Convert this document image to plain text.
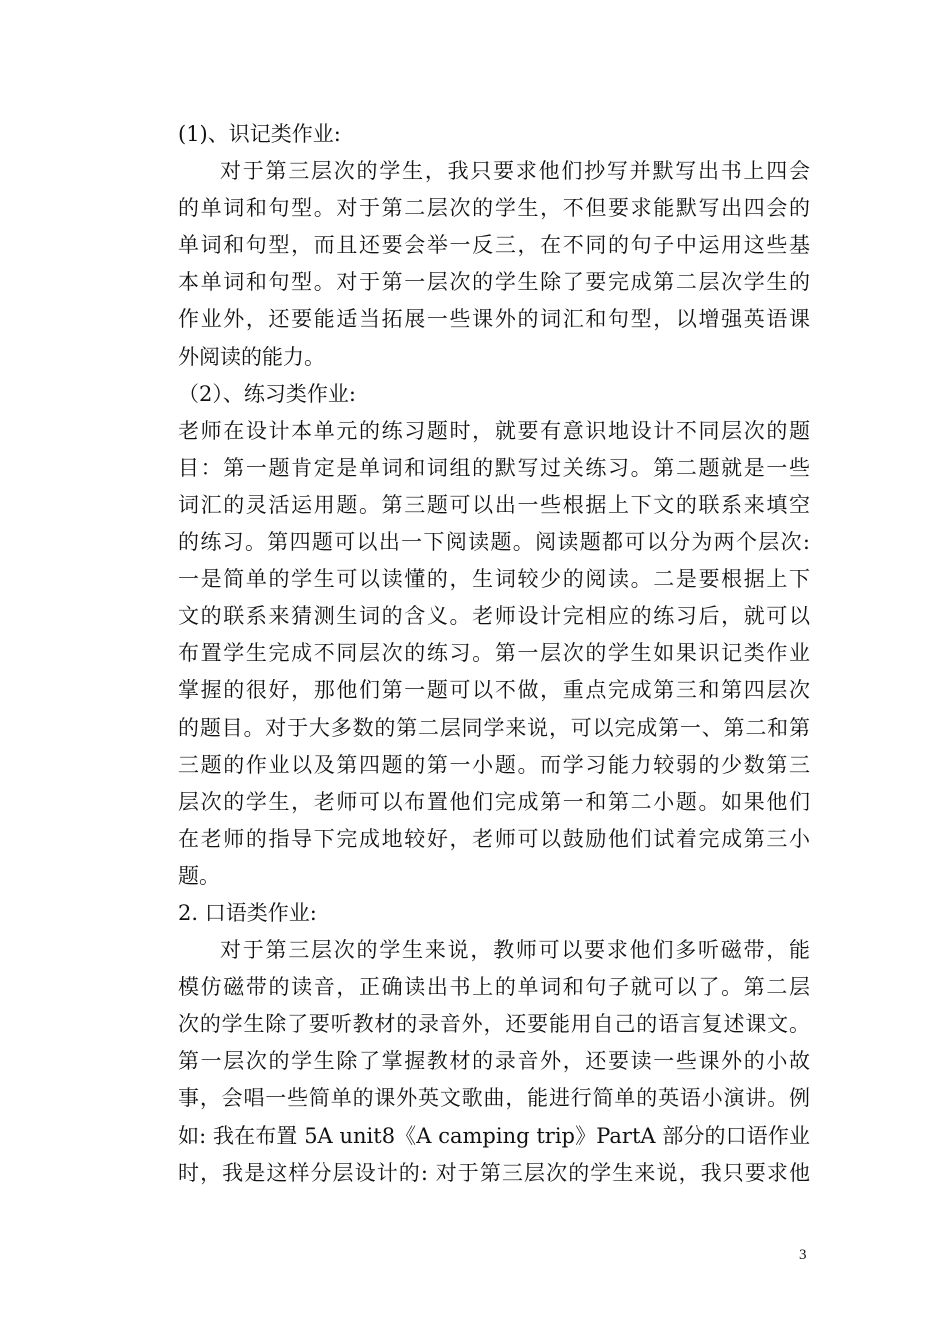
(1)、识记类作业:
对于第三层次的学生，我只要求他们抄写并默写出书上四会
的单词和句型。对于第二层次的学生，不但要求能默写出四会的
单词和句型，而且还要会举一反三，在不同的句子中运用这些基
本单词和句型。对于第一层次的学生除了要完成第二层次学生的
作业外，还要能适当拓展一些课外的词汇和句型，以增强英语课
外阅读的能力。
（2）、练习类作业:
老师在设计本单元的练习题时，就要有意识地设计不同层次的题
目：第一题肯定是单词和词组的默写过关练习。第二题就是一些
词汇的灵活运用题。第三题可以出一些根据上下文的联系来填空
的练习。第四题可以出一下阅读题。阅读题都可以分为两个层次:
一是简单的学生可以读懂的，生词较少的阅读。二是要根据上下
文的联系来猜测生词的含义。老师设计完相应的练习后，就可以
布置学生完成不同层次的练习。第一层次的学生如果识记类作业
掌握的很好，那他们第一题可以不做，重点完成第三和第四层次
的题目。对于大多数的第二层同学来说，可以完成第一、第二和第
三题的作业以及第四题的第一小题。而学习能力较弱的少数第三
层次的学生，老师可以布置他们完成第一和第二小题。如果他们
在老师的指导下完成地较好，老师可以鼓励他们试着完成第三小
题。
2. 口语类作业:
对于第三层次的学生来说，教师可以要求他们多听磁带，能
模仿磁带的读音，正确读出书上的单词和句子就可以了。第二层
次的学生除了要听教材的录音外，还要能用自己的语言复述课文。
第一层次的学生除了掌握教材的录音外，还要读一些课外的小故
事，会唱一些简单的课外英文歌曲，能进行简单的英语小演讲。例
如: 我在布置 5A unit8《A camping trip》PartA 部分的口语作业
时，我是这样分层设计的: 对于第三层次的学生来说，我只要求他
3
